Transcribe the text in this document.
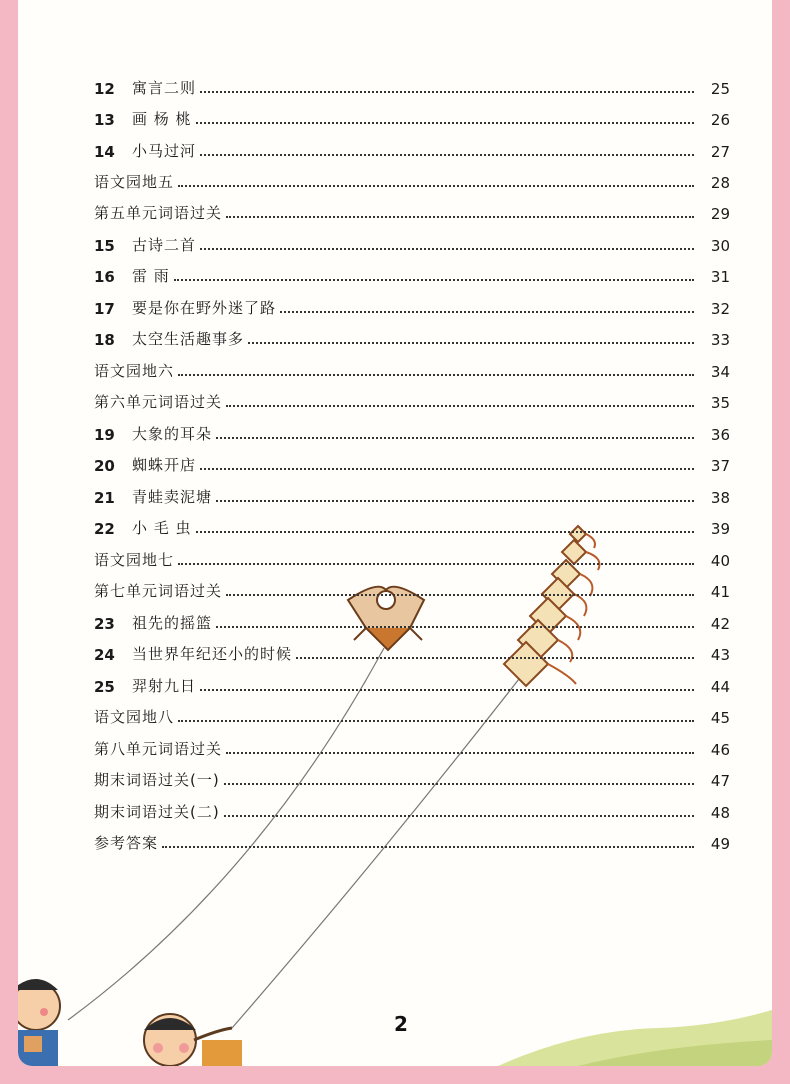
12	寓言二则	25
13	画 杨 桃	26
14	小马过河	27
语文园地五	28
第五单元词语过关	29
15	古诗二首	30
16	雷 雨	31
17	要是你在野外迷了路	32
18	太空生活趣事多	33
语文园地六	34
第六单元词语过关	35
19	大象的耳朵	36
20	蜘蛛开店	37
21	青蛙卖泥塘	38
22	小 毛 虫	39
语文园地七	40
第七单元词语过关	41
23	祖先的摇篮	42
24	当世界年纪还小的时候	43
25	羿射九日	44
语文园地八	45
第八单元词语过关	46
期末词语过关(一)	47
期末词语过关(二)	48
参考答案	49
2
